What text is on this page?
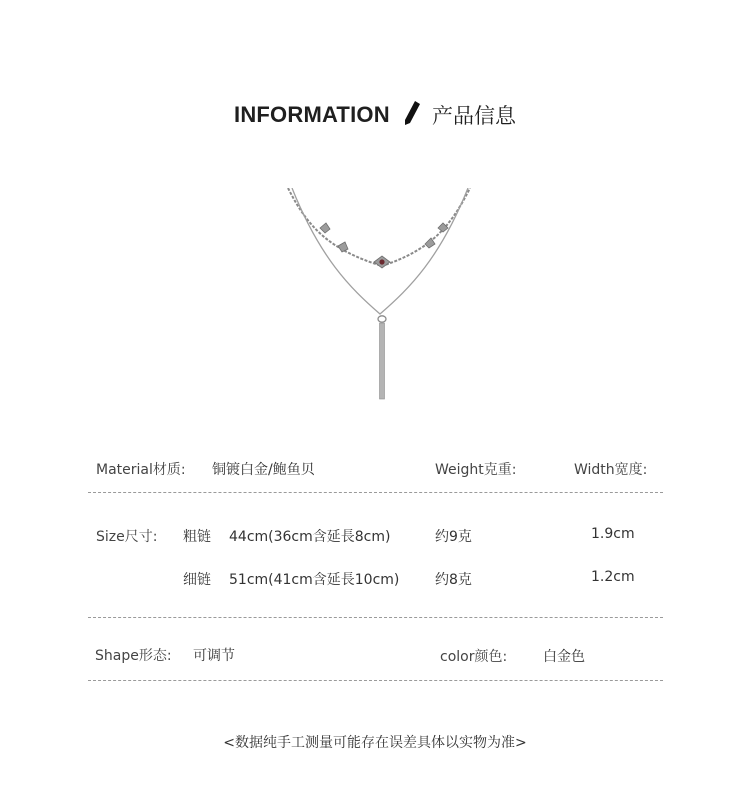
INFORMATION 产品信息
Material材质: 铜镀白金/鲍鱼贝	Weight克重:	Width宽度:
Size尺寸: 粗链 44cm(36cm含延長8cm)	约9克	1.9cm
细链 51cm(41cm含延長10cm)	约8克	1.2cm
Shape形态: 可调节	color颜色:	白金色
<数据纯手工测量可能存在误差具体以实物为准>
